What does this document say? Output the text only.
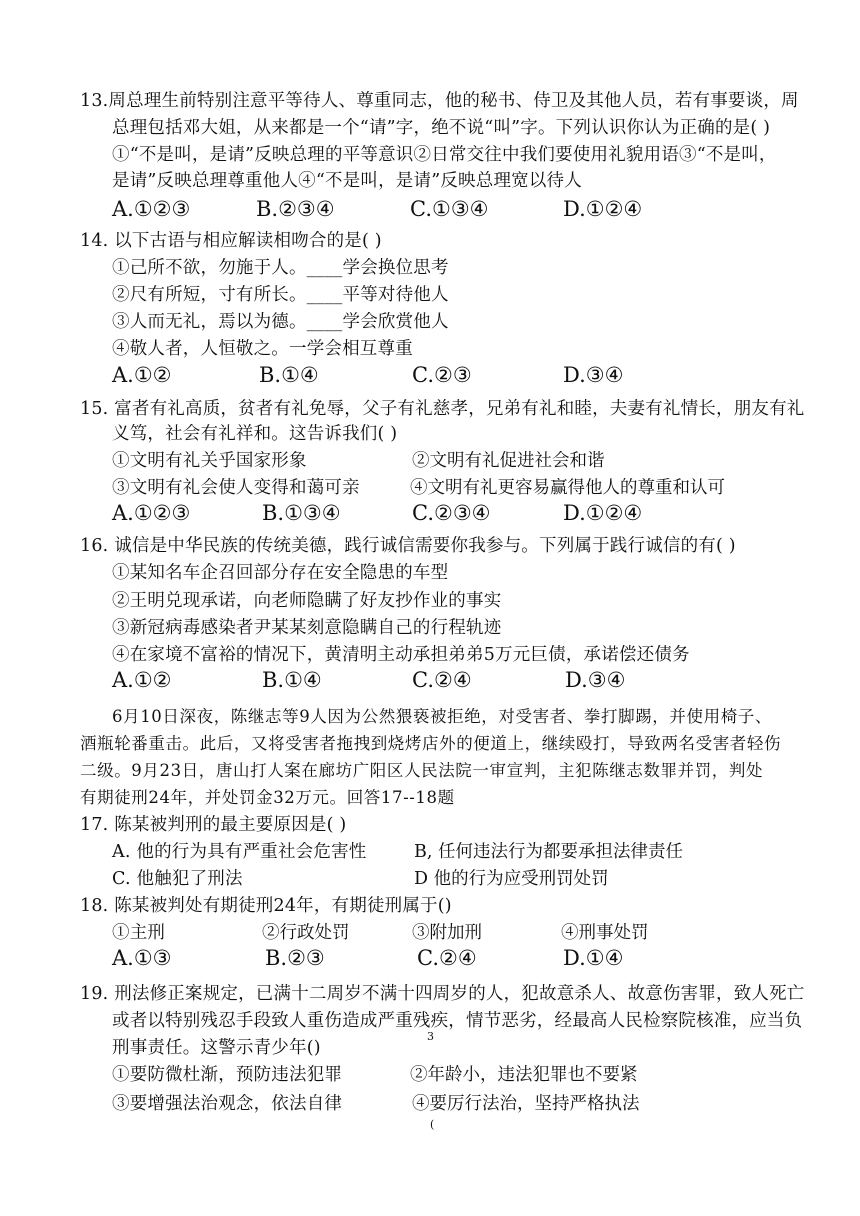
13.周总理生前特别注意平等待人、尊重同志，他的秘书、侍卫及其他人员，若有事要谈，周
总理包括邓大姐，从来都是一个“请”字，绝不说“叫”字。下列认识你认为正确的是( )
①“不是叫，是请”反映总理的平等意识②日常交往中我们要使用礼貌用语③“不是叫，
是请”反映总理尊重他人④“不是叫，是请”反映总理宽以待人
A.①②③	B.②③④	C.①③④	D.①②④
14. 以下古语与相应解读相吻合的是( )
①己所不欲，勿施于人。____学会换位思考
②尺有所短，寸有所长。____平等对待他人
③人而无礼，焉以为德。____学会欣赏他人
④敬人者，人恒敬之。一学会相互尊重
A.①②	B.①④	C.②③	D.③④
15. 富者有礼高质，贫者有礼免辱，父子有礼慈孝，兄弟有礼和睦，夫妻有礼情长，朋友有礼
义笃，社会有礼祥和。这告诉我们( )
①文明有礼关乎国家形象	②文明有礼促进社会和谐
③文明有礼会使人变得和蔼可亲	④文明有礼更容易赢得他人的尊重和认可
A.①②③	B.①③④	C.②③④	D.①②④
16. 诚信是中华民族的传统美德，践行诚信需要你我参与。下列属于践行诚信的有( )
①某知名车企召回部分存在安全隐患的车型
②王明兑现承诺，向老师隐瞒了好友抄作业的事实
③新冠病毒感染者尹某某刻意隐瞒自己的行程轨迹
④在家境不富裕的情况下，黄清明主动承担弟弟5万元巨债，承诺偿还债务
A.①②	B.①④	C.②④	D.③④
6月10日深夜，陈继志等9人因为公然猥亵被拒绝，对受害者、拳打脚踢，并使用椅子、
酒瓶轮番重击。此后，又将受害者拖拽到烧烤店外的便道上，继续殴打，导致两名受害者轻伤
二级。9月23日，唐山打人案在廊坊广阳区人民法院一审宣判，主犯陈继志数罪并罚，判处
有期徒刑24年，并处罚金32万元。回答17--18题
17. 陈某被判刑的最主要原因是( )
A. 他的行为具有严重社会危害性	B, 任何违法行为都要承担法律责任
C. 他触犯了刑法	D 他的行为应受刑罚处罚
18. 陈某被判处有期徒刑24年，有期徒刑属于()
①主刑	②行政处罚	③附加刑	④刑事处罚
A.①③	B.②③	C.②④	D.①④
19. 刑法修正案规定，已满十二周岁不满十四周岁的人，犯故意杀人、故意伤害罪，致人死亡
或者以特别残忍手段致人重伤造成严重残疾，情节恶劣，经最高人民检察院核准，应当负
刑事责任。这警示青少年()
3
①要防微杜渐，预防违法犯罪	②年龄小，违法犯罪也不要紧
③要增强法治观念，依法自律	④要厉行法治，坚持严格执法
(
